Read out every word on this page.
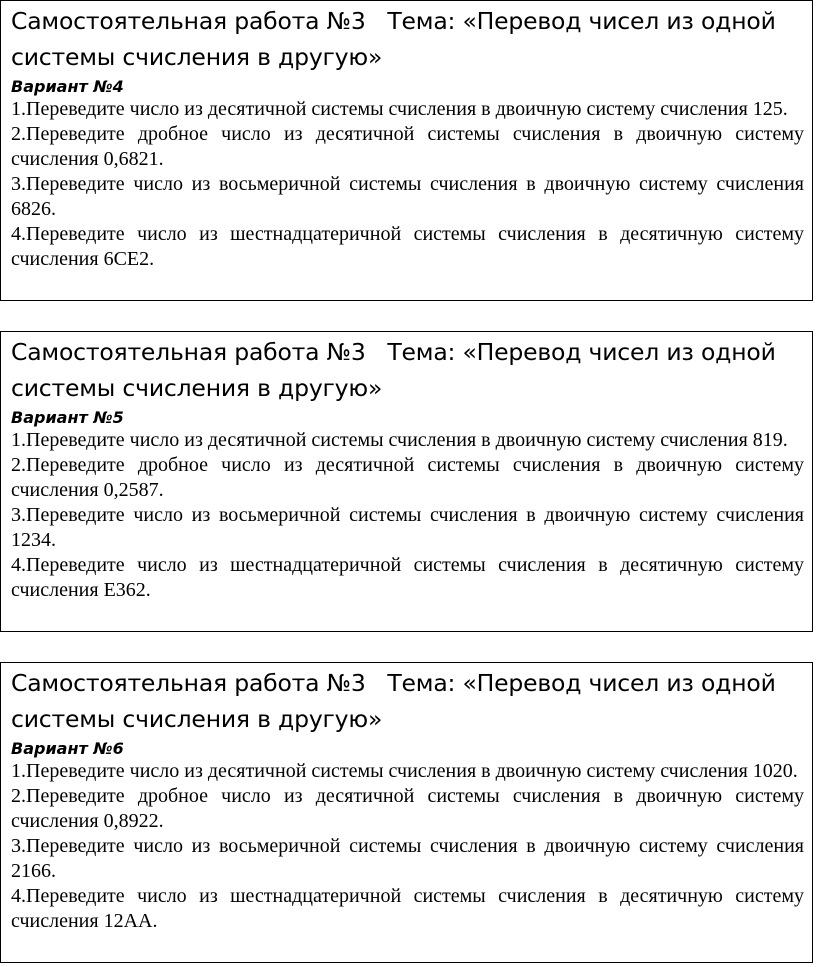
Самостоятельная работа №3   Тема: «Перевод чисел из одной системы счисления в другую»

Вариант №4

1.Переведите число из десятичной системы счисления в двоичную систему счисления 125.

2.Переведите дробное число из десятичной системы счисления в двоичную систему счисления 0,6821.

3.Переведите число из восьмеричной системы счисления в двоичную систему счисления 6826.

4.Переведите число из шестнадцатеричной системы счисления в десятичную систему счисления 6CE2.

Самостоятельная работа №3   Тема: «Перевод чисел из одной системы счисления в другую»

Вариант №5

1.Переведите число из десятичной системы счисления в двоичную систему счисления 819.

2.Переведите дробное число из десятичной системы счисления в двоичную систему счисления 0,2587.

3.Переведите число из восьмеричной системы счисления в двоичную систему счисления 1234.

4.Переведите число из шестнадцатеричной системы счисления в десятичную систему счисления E362.

Самостоятельная работа №3   Тема: «Перевод чисел из одной системы счисления в другую»

Вариант №6

1.Переведите число из десятичной системы счисления в двоичную систему счисления 1020.

2.Переведите дробное число из десятичной системы счисления в двоичную систему счисления 0,8922.

3.Переведите число из восьмеричной системы счисления в двоичную систему счисления 2166.

4.Переведите число из шестнадцатеричной системы счисления в десятичную систему счисления 12AA.
